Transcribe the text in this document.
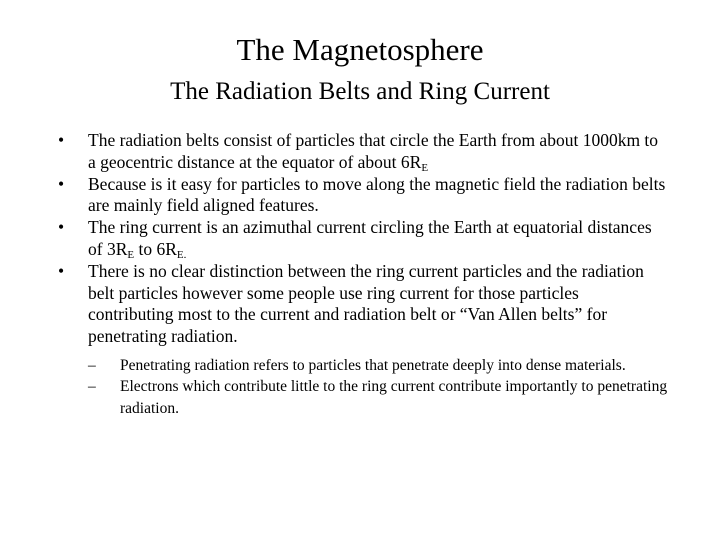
The Magnetosphere
The Radiation Belts and Ring Current
• The radiation belts consist of particles that circle the Earth from about 1000km to a geocentric distance at the equator of about $6R_E$
• Because is it easy for particles to move along the magnetic field the radiation belts are mainly field aligned features.
• The ring current is an azimuthal current circling the Earth at equatorial distances of $3R_E$ to $6R_{E.}$
• There is no clear distinction between the ring current particles and the radiation belt particles however some people use ring current for those particles contributing most to the current and radiation belt or “Van Allen belts” for penetrating radiation.
– Penetrating radiation refers to particles that penetrate deeply into dense materials.
– Electrons which contribute little to the ring current contribute importantly to penetrating radiation.
